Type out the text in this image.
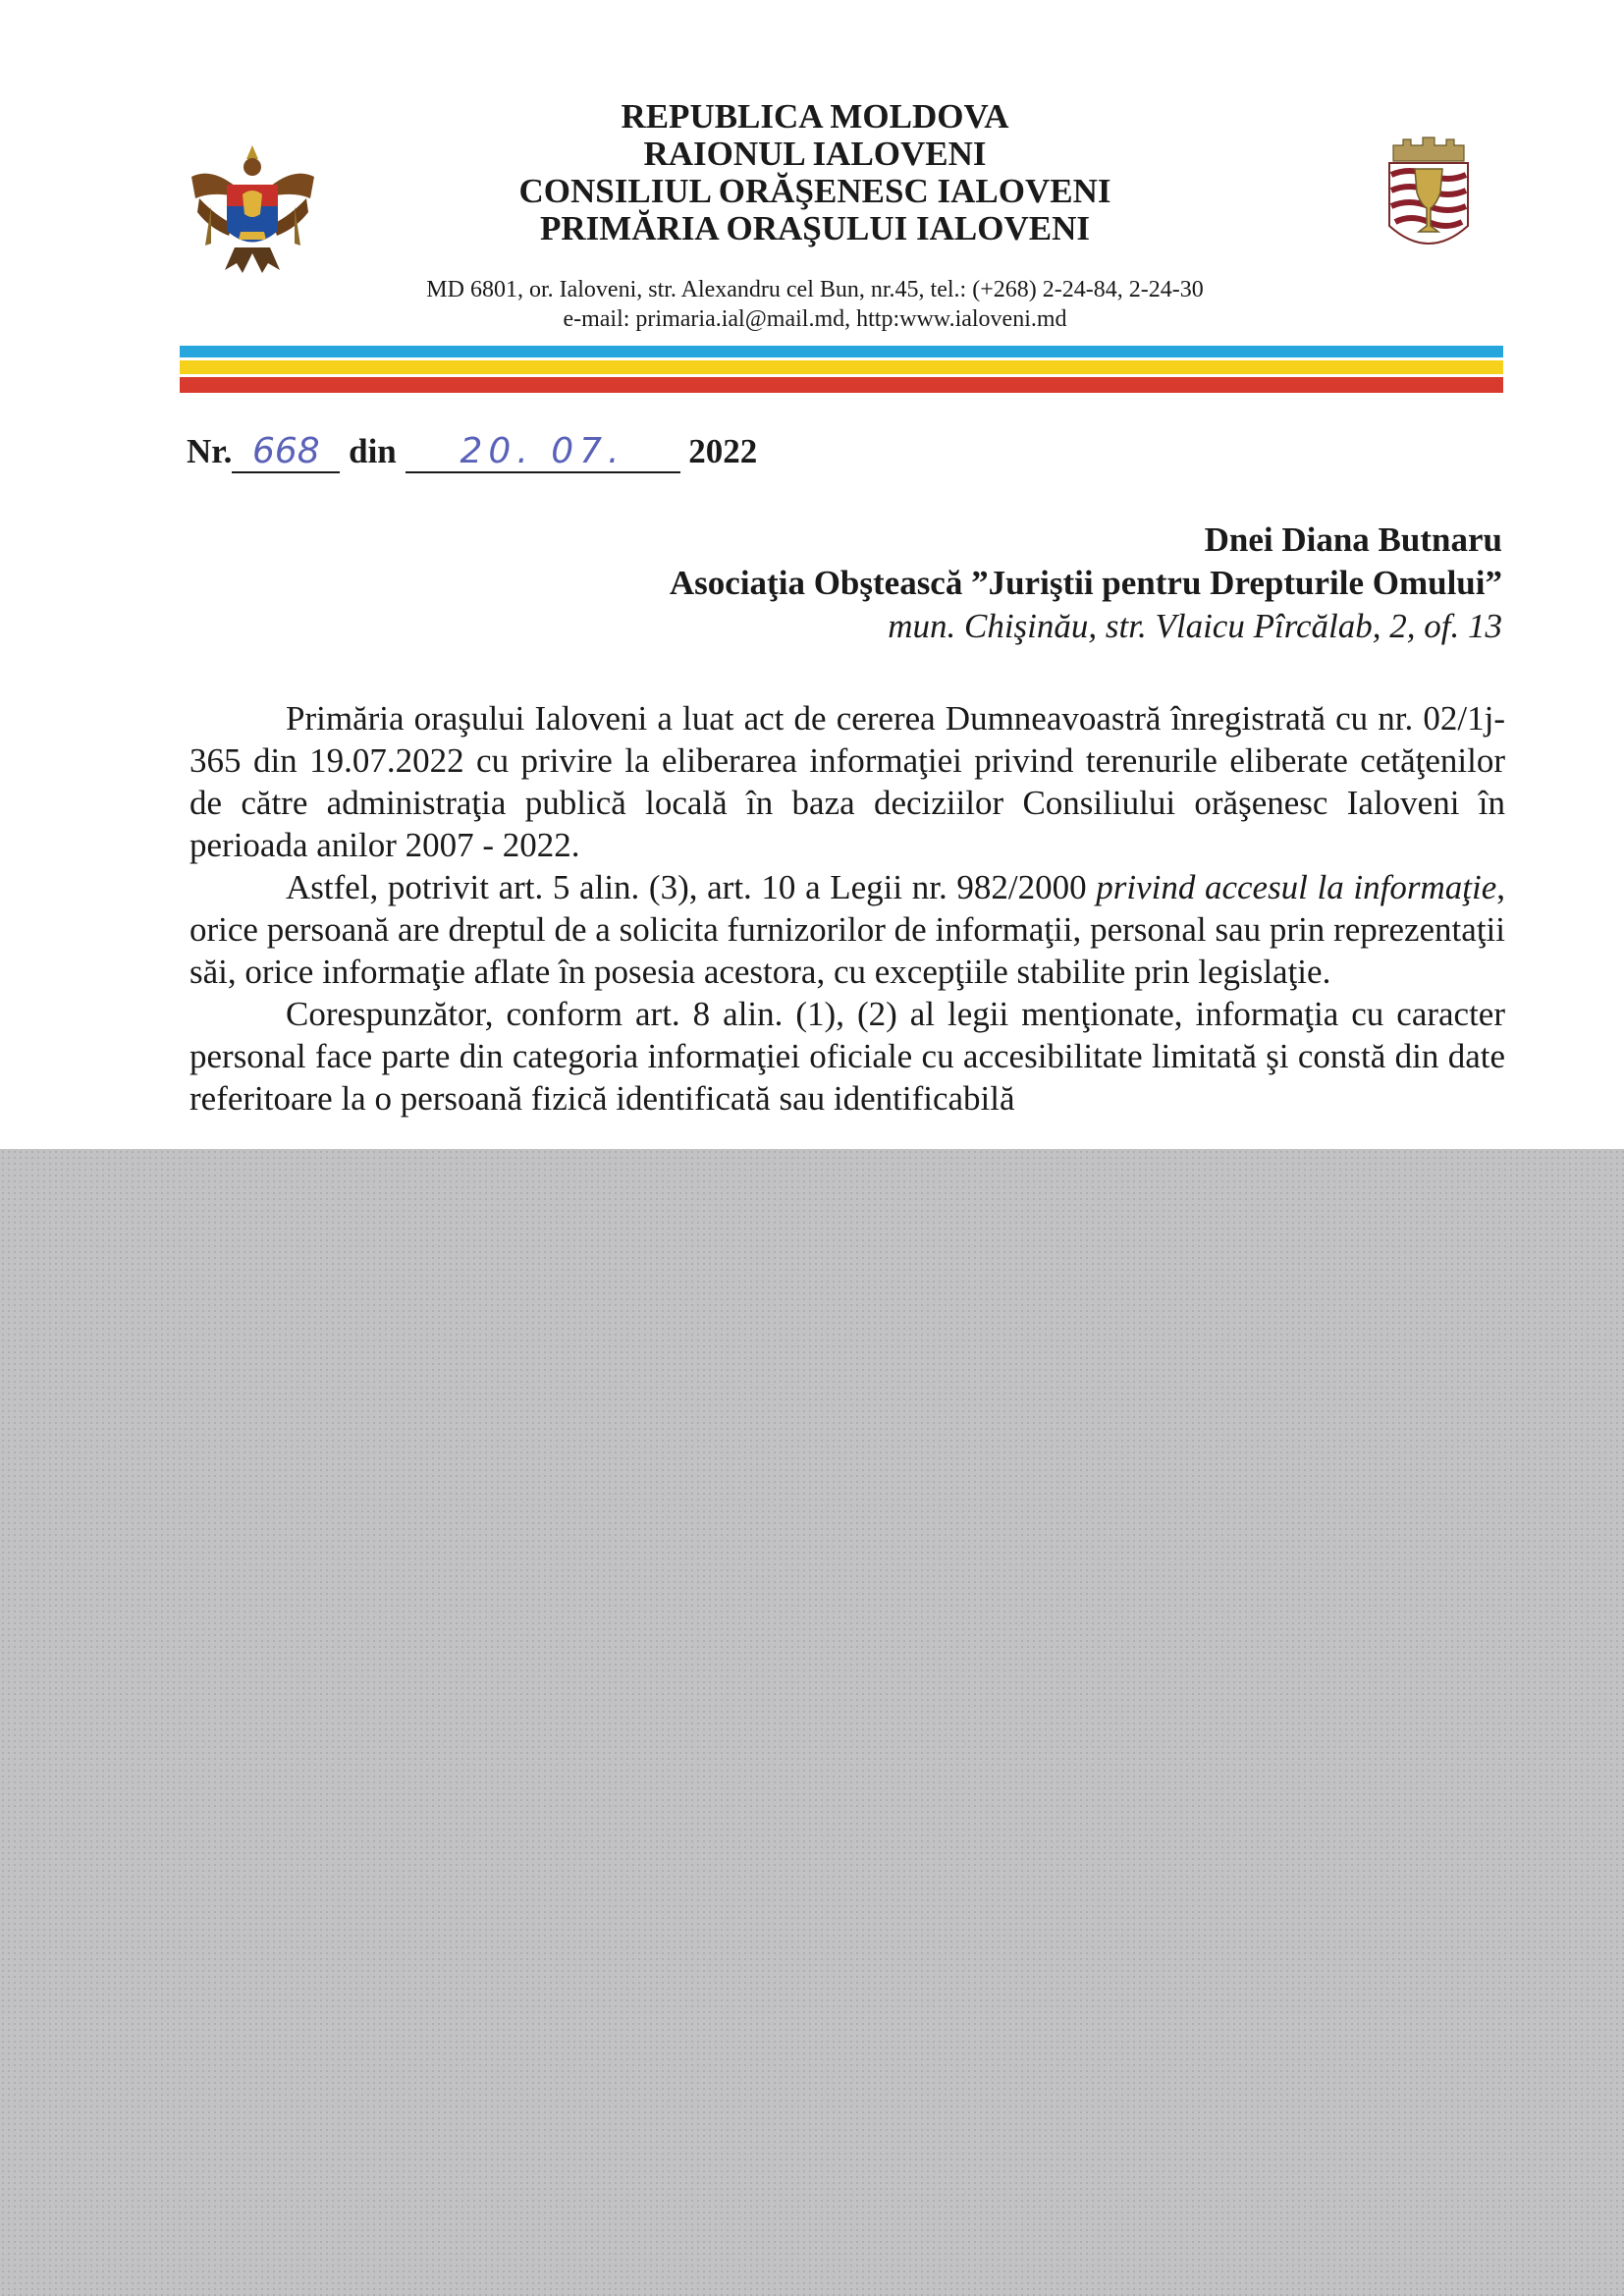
REPUBLICA MOLDOVA
RAIONUL IALOVENI
CONSILIUL ORĂŞENESC IALOVENI
PRIMĂRIA ORAŞULUI IALOVENI
MD 6801, or. Ialoveni, str. Alexandru cel Bun, nr.45, tel.: (+268) 2-24-84, 2-24-30
e-mail: primaria.ial@mail.md, http:www.ialoveni.md
Nr. 668 din 20. 07. 2022
Dnei Diana Butnaru
Asociaţia Obştească ”Juriştii pentru Drepturile Omului”
mun. Chişinău, str. Vlaicu Pîrcălab, 2, of. 13

Primăria oraşului Ialoveni a luat act de cererea Dumneavoastră înregistrată cu nr. 02/1j-365 din 19.07.2022 cu privire la eliberarea informaţiei privind terenurile eliberate cetăţenilor de către administraţia publică locală în baza deciziilor Consiliului orăşenesc Ialoveni în perioada anilor 2007 - 2022.

Astfel, potrivit art. 5 alin. (3), art. 10 a Legii nr. 982/2000 privind accesul la informaţie, orice persoană are dreptul de a solicita furnizorilor de informaţii, personal sau prin reprezentaţii săi, orice informaţie aflate în posesia acestora, cu excepţiile stabilite prin legislaţie.

Corespunzător, conform art. 8 alin. (1), (2) al legii menţionate, informaţia cu caracter personal face parte din categoria informaţiei oficiale cu accesibilitate limitată şi constă din date referitoare la o persoană fizică identificată sau identificabilă
